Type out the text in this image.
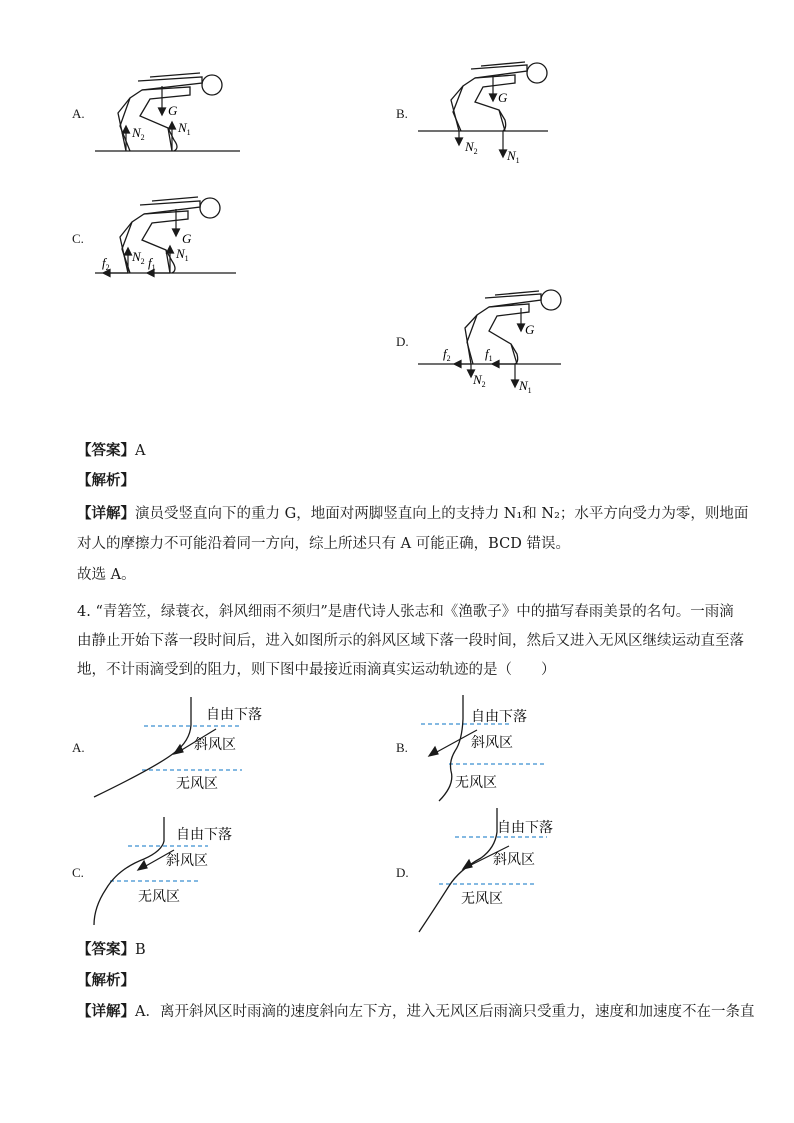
A.	G
$N_1$
$N_2$
B.
G
$N_1$
$N_2$
C.	G
$N_1$
$N_2$ $f_1$
$f_2$
D.
G
$N_1$
$N_2$
$f_1$
$f_2$
【答案】A
【解析】
【详解】演员受竖直向下的重力 G，地面对两脚竖直向上的支持力 N₁和 N₂；水平方向受力为零，则地面
对人的摩擦力不可能沿着同一方向，综上所述只有 A 可能正确，BCD 错误。
故选 A。
4. “青箬笠，绿蓑衣，斜风细雨不须归”是唐代诗人张志和《渔歌子》中的描写春雨美景的名句。一雨滴
由静止开始下落一段时间后，进入如图所示的斜风区域下落一段时间，然后又进入无风区继续运动直至落
地，不计雨滴受到的阻力，则下图中最接近雨滴真实运动轨迹的是（　　）
A.
自由下落
斜风区
无风区
B.
自由下落
斜风区
无风区
C.
自由下落
斜风区
无风区
D.
自由下落
斜风区
无风区
【答案】B
【解析】
【详解】A．离开斜风区时雨滴的速度斜向左下方，进入无风区后雨滴只受重力，速度和加速度不在一条直
